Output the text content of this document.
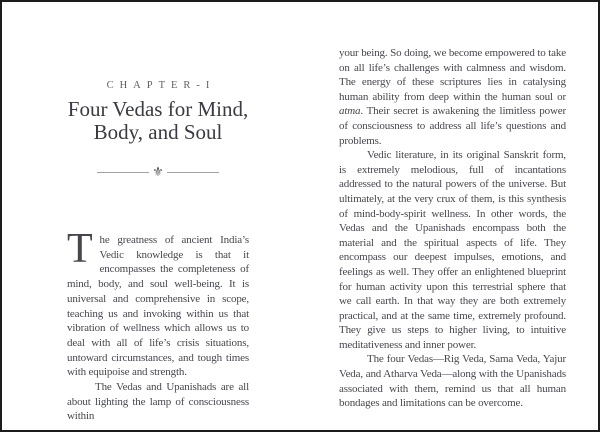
CHAPTER-I
Four Vedas for Mind,
Body, and Soul
⚜

The greatness of ancient India’s Vedic knowledge is that it encompasses the completeness of mind, body, and soul well-being. It is universal and comprehensive in scope, teaching us and invoking within us that vibration of wellness which allows us to deal with all of life’s crisis situations, untoward circumstances, and tough times with equipoise and strength.

The Vedas and Upanishads are all about lighting the lamp of consciousness within

your being. So doing, we become empowered to take on all life’s challenges with calmness and wisdom. The energy of these scriptures lies in catalysing human ability from deep within the human soul or atma. Their secret is awakening the limitless power of consciousness to address all life’s questions and problems.

Vedic literature, in its original Sanskrit form, is extremely melodious, full of incantations addressed to the natural powers of the universe. But ultimately, at the very crux of them, is this synthesis of mind-body-spirit wellness. In other words, the Vedas and the Upanishads encompass both the material and the spiritual aspects of life. They encompass our deepest impulses, emotions, and feelings as well. They offer an enlightened blueprint for human activity upon this terrestrial sphere that we call earth. In that way they are both extremely practical, and at the same time, extremely profound. They give us steps to higher living, to intuitive meditativeness and inner power.

The four Vedas—Rig Veda, Sama Veda, Yajur Veda, and Atharva Veda—along with the Upanishads associated with them, remind us that all human bondages and limitations can be overcome.
